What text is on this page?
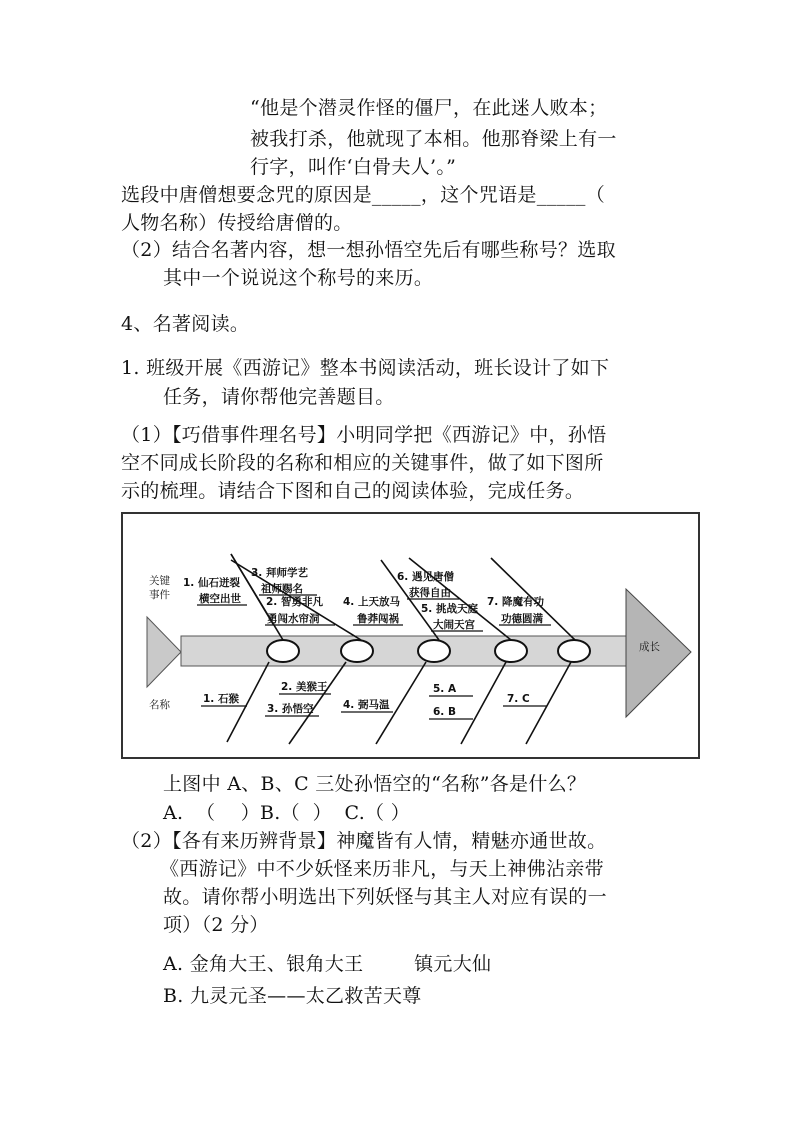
“他是个潜灵作怪的僵尸，在此迷人败本；
被我打杀，他就现了本相。他那脊梁上有一
行字，叫作‘白骨夫人’。”
选段中唐僧想要念咒的原因是_____，这个咒语是_____（
人物名称）传授给唐僧的。
（2）结合名著内容，想一想孙悟空先后有哪些称号？选取
其中一个说说这个称号的来历。
4、名著阅读。
1. 班级开展《西游记》整本书阅读活动，班长设计了如下
任务，请你帮他完善题目。
（1）【巧借事件理名号】小明同学把《西游记》中，孙悟
空不同成长阶段的名称和相应的关键事件，做了如下图所
示的梳理。请结合下图和自己的阅读体验，完成任务。
成长
关键
事件
名称
1. 仙石迸裂
横空出世 2. 智勇非凡
勇闯水帘洞
3. 拜师学艺
祖师赐名
4. 上天放马
鲁莽闯祸
5. 挑战天庭
大闹天宫
6. 遇见唐僧
获得自由
7. 降魔有功
功德圆满
1. 石猴
2. 美猴王
3. 孙悟空	4. 弼马温
5. A
6. B
7. C
上图中 A、B、C 三处孙悟空的“名称”各是什么？
A.  （    ）B.（  ）  C.（ ）
（2）【各有来历辨背景】神魔皆有人情，精魅亦通世故。
《西游记》中不少妖怪来历非凡，与天上神佛沾亲带
故。请你帮小明选出下列妖怪与其主人对应有误的一
项）（2 分）
A. 金角大王、银角大王        镇元大仙
B. 九灵元圣——太乙救苦天尊
